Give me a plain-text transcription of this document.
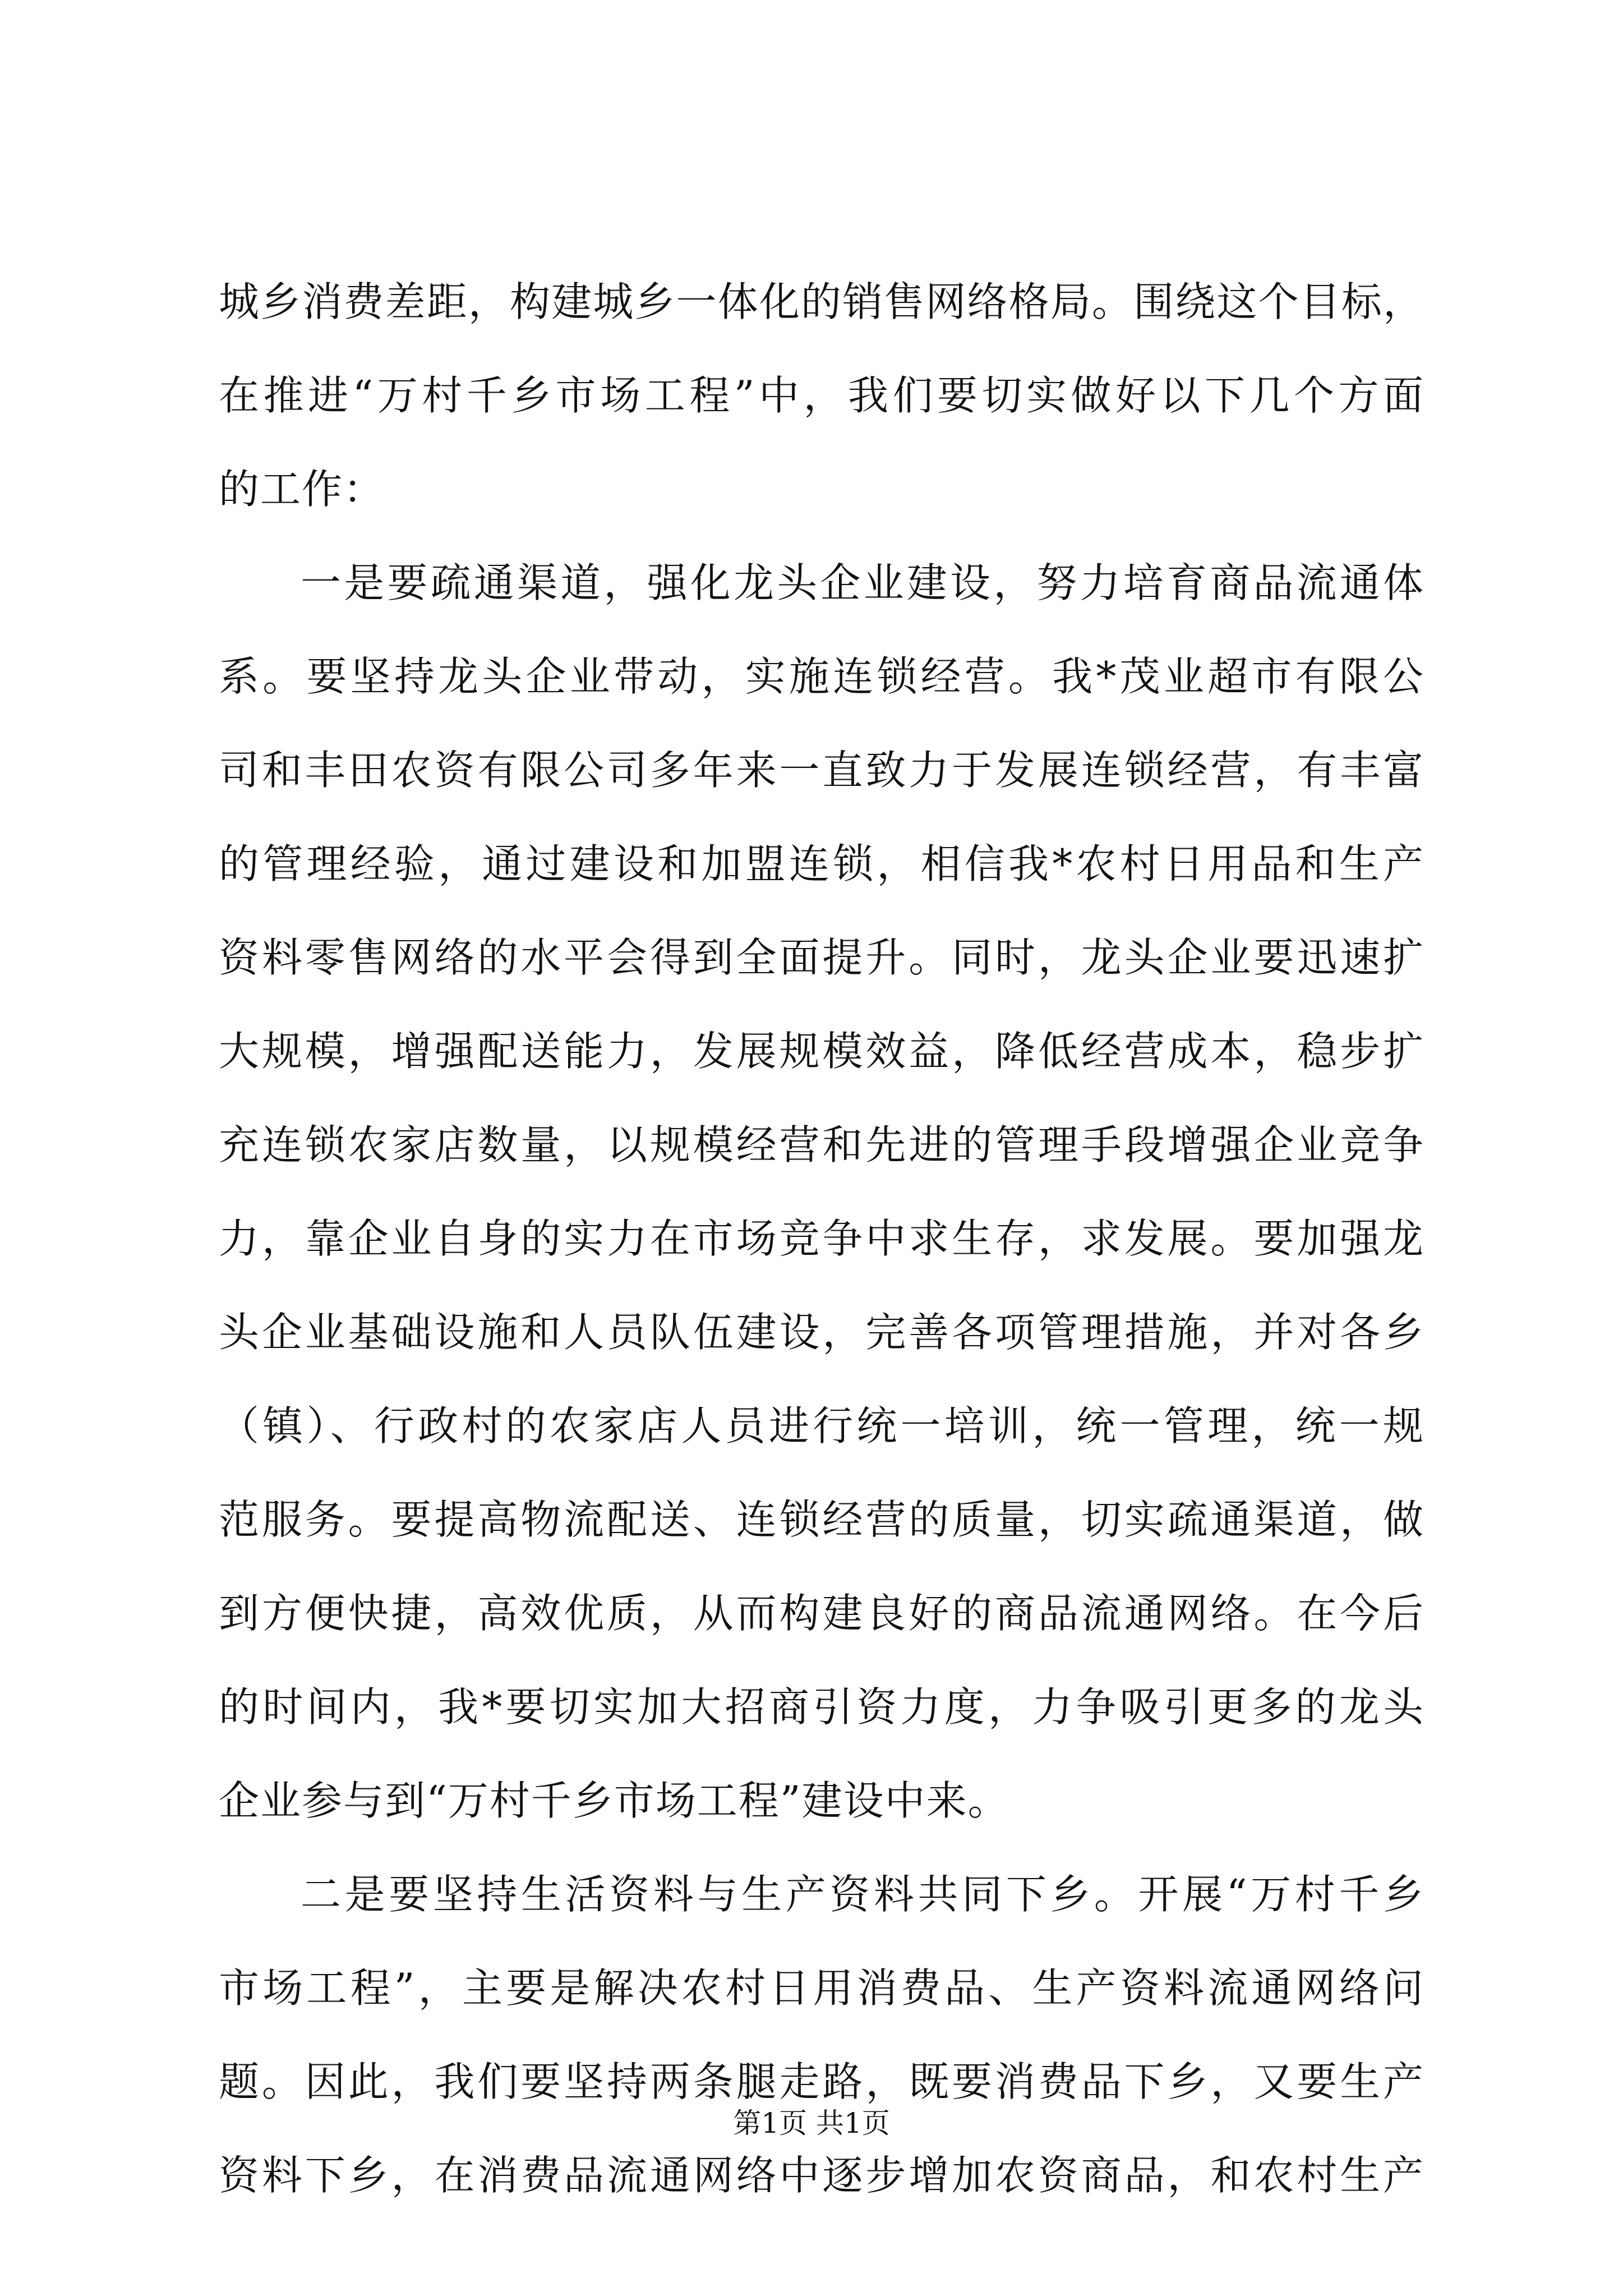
城乡消费差距，构建城乡一体化的销售网络格局。围绕这个目标，
在推进“万村千乡市场工程”中，我们要切实做好以下几个方面
的工作：
一是要疏通渠道，强化龙头企业建设，努力培育商品流通体
系。要坚持龙头企业带动，实施连锁经营。我*茂业超市有限公
司和丰田农资有限公司多年来一直致力于发展连锁经营，有丰富
的管理经验，通过建设和加盟连锁，相信我*农村日用品和生产
资料零售网络的水平会得到全面提升。同时，龙头企业要迅速扩
大规模，增强配送能力，发展规模效益，降低经营成本，稳步扩
充连锁农家店数量，以规模经营和先进的管理手段增强企业竞争
力，靠企业自身的实力在市场竞争中求生存，求发展。要加强龙
头企业基础设施和人员队伍建设，完善各项管理措施，并对各乡
（镇）、行政村的农家店人员进行统一培训，统一管理，统一规
范服务。要提高物流配送、连锁经营的质量，切实疏通渠道，做
到方便快捷，高效优质，从而构建良好的商品流通网络。在今后
的时间内，我*要切实加大招商引资力度，力争吸引更多的龙头
企业参与到“万村千乡市场工程”建设中来。
二是要坚持生活资料与生产资料共同下乡。开展“万村千乡
市场工程”，主要是解决农村日用消费品、生产资料流通网络问
题。因此，我们要坚持两条腿走路，既要消费品下乡，又要生产
资料下乡，在消费品流通网络中逐步增加农资商品，和农村生产
第1页 共1页
